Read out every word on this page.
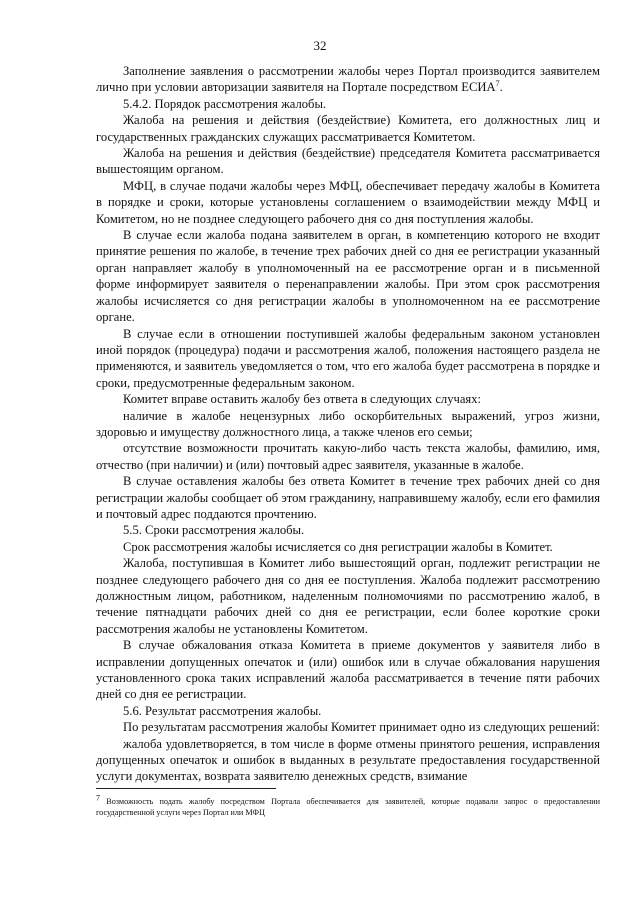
32

Заполнение заявления о рассмотрении жалобы через Портал производится заявителем лично при условии авторизации заявителя на Портале посредством ЕСИА$^7$.

5.4.2. Порядок рассмотрения жалобы.

Жалоба на решения и действия (бездействие) Комитета, его должностных лиц и государственных гражданских служащих рассматривается Комитетом.

Жалоба на решения и действия (бездействие) председателя Комитета рассматривается вышестоящим органом.

МФЦ, в случае подачи жалобы через МФЦ, обеспечивает передачу жалобы в Комитета в порядке и сроки, которые установлены соглашением о взаимодействии между МФЦ и Комитетом, но не позднее следующего рабочего дня со дня поступления жалобы.

В случае если жалоба подана заявителем в орган, в компетенцию которого не входит принятие решения по жалобе, в течение трех рабочих дней со дня ее регистрации указанный орган направляет жалобу в уполномоченный на ее рассмотрение орган и в письменной форме информирует заявителя о перенаправлении жалобы. При этом срок рассмотрения жалобы исчисляется со дня регистрации жалобы в уполномоченном на ее рассмотрение органе.

В случае если в отношении поступившей жалобы федеральным законом установлен иной порядок (процедура) подачи и рассмотрения жалоб, положения настоящего раздела не применяются, и заявитель уведомляется о том, что его жалоба будет рассмотрена в порядке и сроки, предусмотренные федеральным законом.

Комитет вправе оставить жалобу без ответа в следующих случаях:

наличие в жалобе нецензурных либо оскорбительных выражений, угроз жизни, здоровью и имуществу должностного лица, а также членов его семьи;

отсутствие возможности прочитать какую-либо часть текста жалобы, фамилию, имя, отчество (при наличии) и (или) почтовый адрес заявителя, указанные в жалобе.

В случае оставления жалобы без ответа Комитет в течение трех рабочих дней со дня регистрации жалобы сообщает об этом гражданину, направившему жалобу, если его фамилия и почтовый адрес поддаются прочтению.

5.5. Сроки рассмотрения жалобы.

Срок рассмотрения жалобы исчисляется со дня регистрации жалобы в Комитет.

Жалоба, поступившая в Комитет либо вышестоящий орган, подлежит регистрации не позднее следующего рабочего дня со дня ее поступления. Жалоба подлежит рассмотрению должностным лицом, работником, наделенным полномочиями по рассмотрению жалоб, в течение пятнадцати рабочих дней со дня ее регистрации, если более короткие сроки рассмотрения жалобы не установлены Комитетом.

В случае обжалования отказа Комитета в приеме документов у заявителя либо в исправлении допущенных опечаток и (или) ошибок или в случае обжалования нарушения установленного срока таких исправлений жалоба рассматривается в течение пяти рабочих дней со дня ее регистрации.

5.6. Результат рассмотрения жалобы.

По результатам рассмотрения жалобы Комитет принимает одно из следующих решений:

жалоба удовлетворяется, в том числе в форме отмены принятого решения, исправления допущенных опечаток и ошибок в выданных в результате предоставления государственной услуги документах, возврата заявителю денежных средств, взимание

$^7$ Возможность подать жалобу посредством Портала обеспечивается для заявителей, которые подавали запрос о предоставлении государственной услуги через Портал или МФЦ
